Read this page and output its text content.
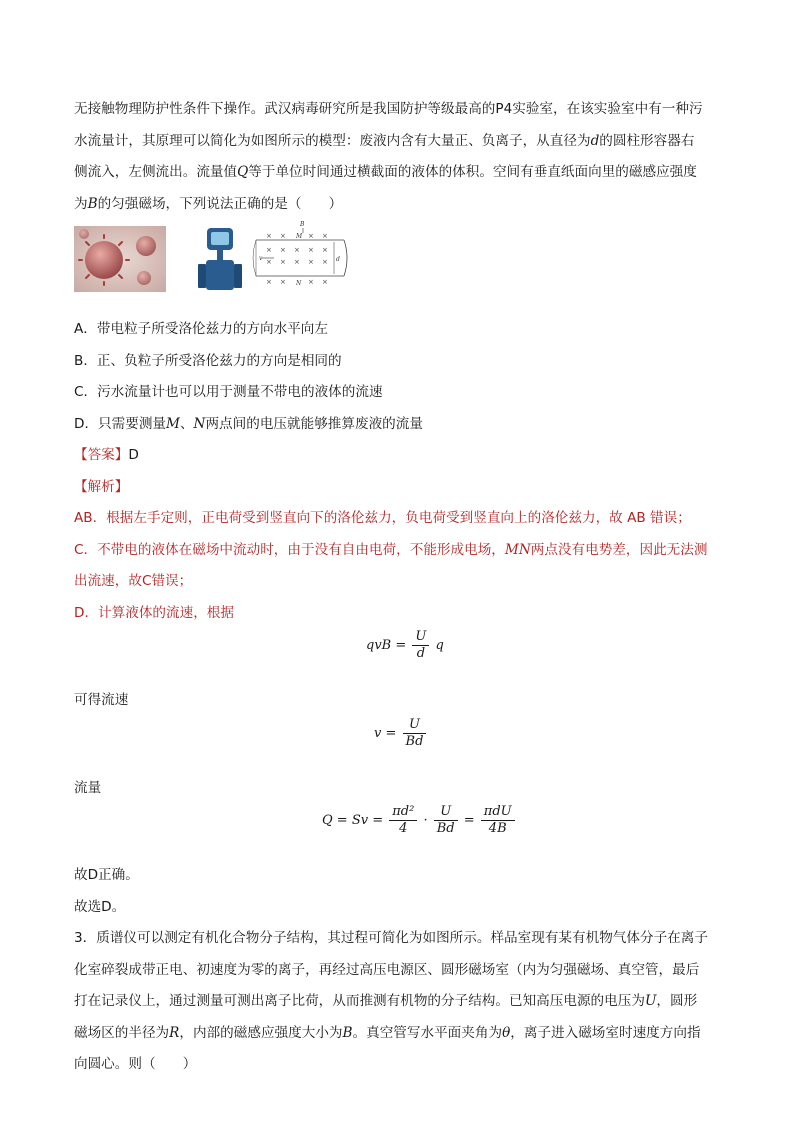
无接触物理防护性条件下操作。武汉病毒研究所是我国防护等级最高的P4实验室，在该实验室中有一种污

水流量计，其原理可以简化为如图所示的模型：废液内含有大量正、负离子，从直径为d的圆柱形容器右

侧流入，左侧流出。流量值Q等于单位时间通过横截面的液体的体积。空间有垂直纸面向里的磁感应强度

为B的匀强磁场，下列说法正确的是（　　）

B
× ×	× ×
× × × × ×
× × × × ×
× ×	× ×
M
N
v	d

A．带电粒子所受洛伦兹力的方向水平向左

B．正、负粒子所受洛伦兹力的方向是相同的

C．污水流量计也可以用于测量不带电的液体的流速

D．只需要测量M、N两点间的电压就能够推算废液的流量

【答案】D

【解析】

AB．根据左手定则，正电荷受到竖直向下的洛伦兹力，负电荷受到竖直向上的洛伦兹力，故 AB 错误；

C．不带电的液体在磁场中流动时，由于没有自由电荷，不能形成电场，MN两点没有电势差，因此无法测

出流速，故C错误；

D．计算液体的流速，根据

qvB = $\frac{U}{d}$ q

可得流速

$v = \frac{U}{Bd}$

流量

$Q = Sv = \frac{\text{πd²}}{4} \cdot \frac{U}{Bd} = \frac{\text{πdU}}{4B}$

故D正确。

故选D。

3．质谱仪可以测定有机化合物分子结构，其过程可简化为如图所示。样品室现有某有机物气体分子在离子

化室碎裂成带正电、初速度为零的离子，再经过高压电源区、圆形磁场室（内为匀强磁场、真空管，最后

打在记录仪上，通过测量可测出离子比荷，从而推测有机物的分子结构。已知高压电源的电压为U，圆形

磁场区的半径为R，内部的磁感应强度大小为B。真空管写水平面夹角为θ，离子进入磁场室时速度方向指

向圆心。则（　　）
